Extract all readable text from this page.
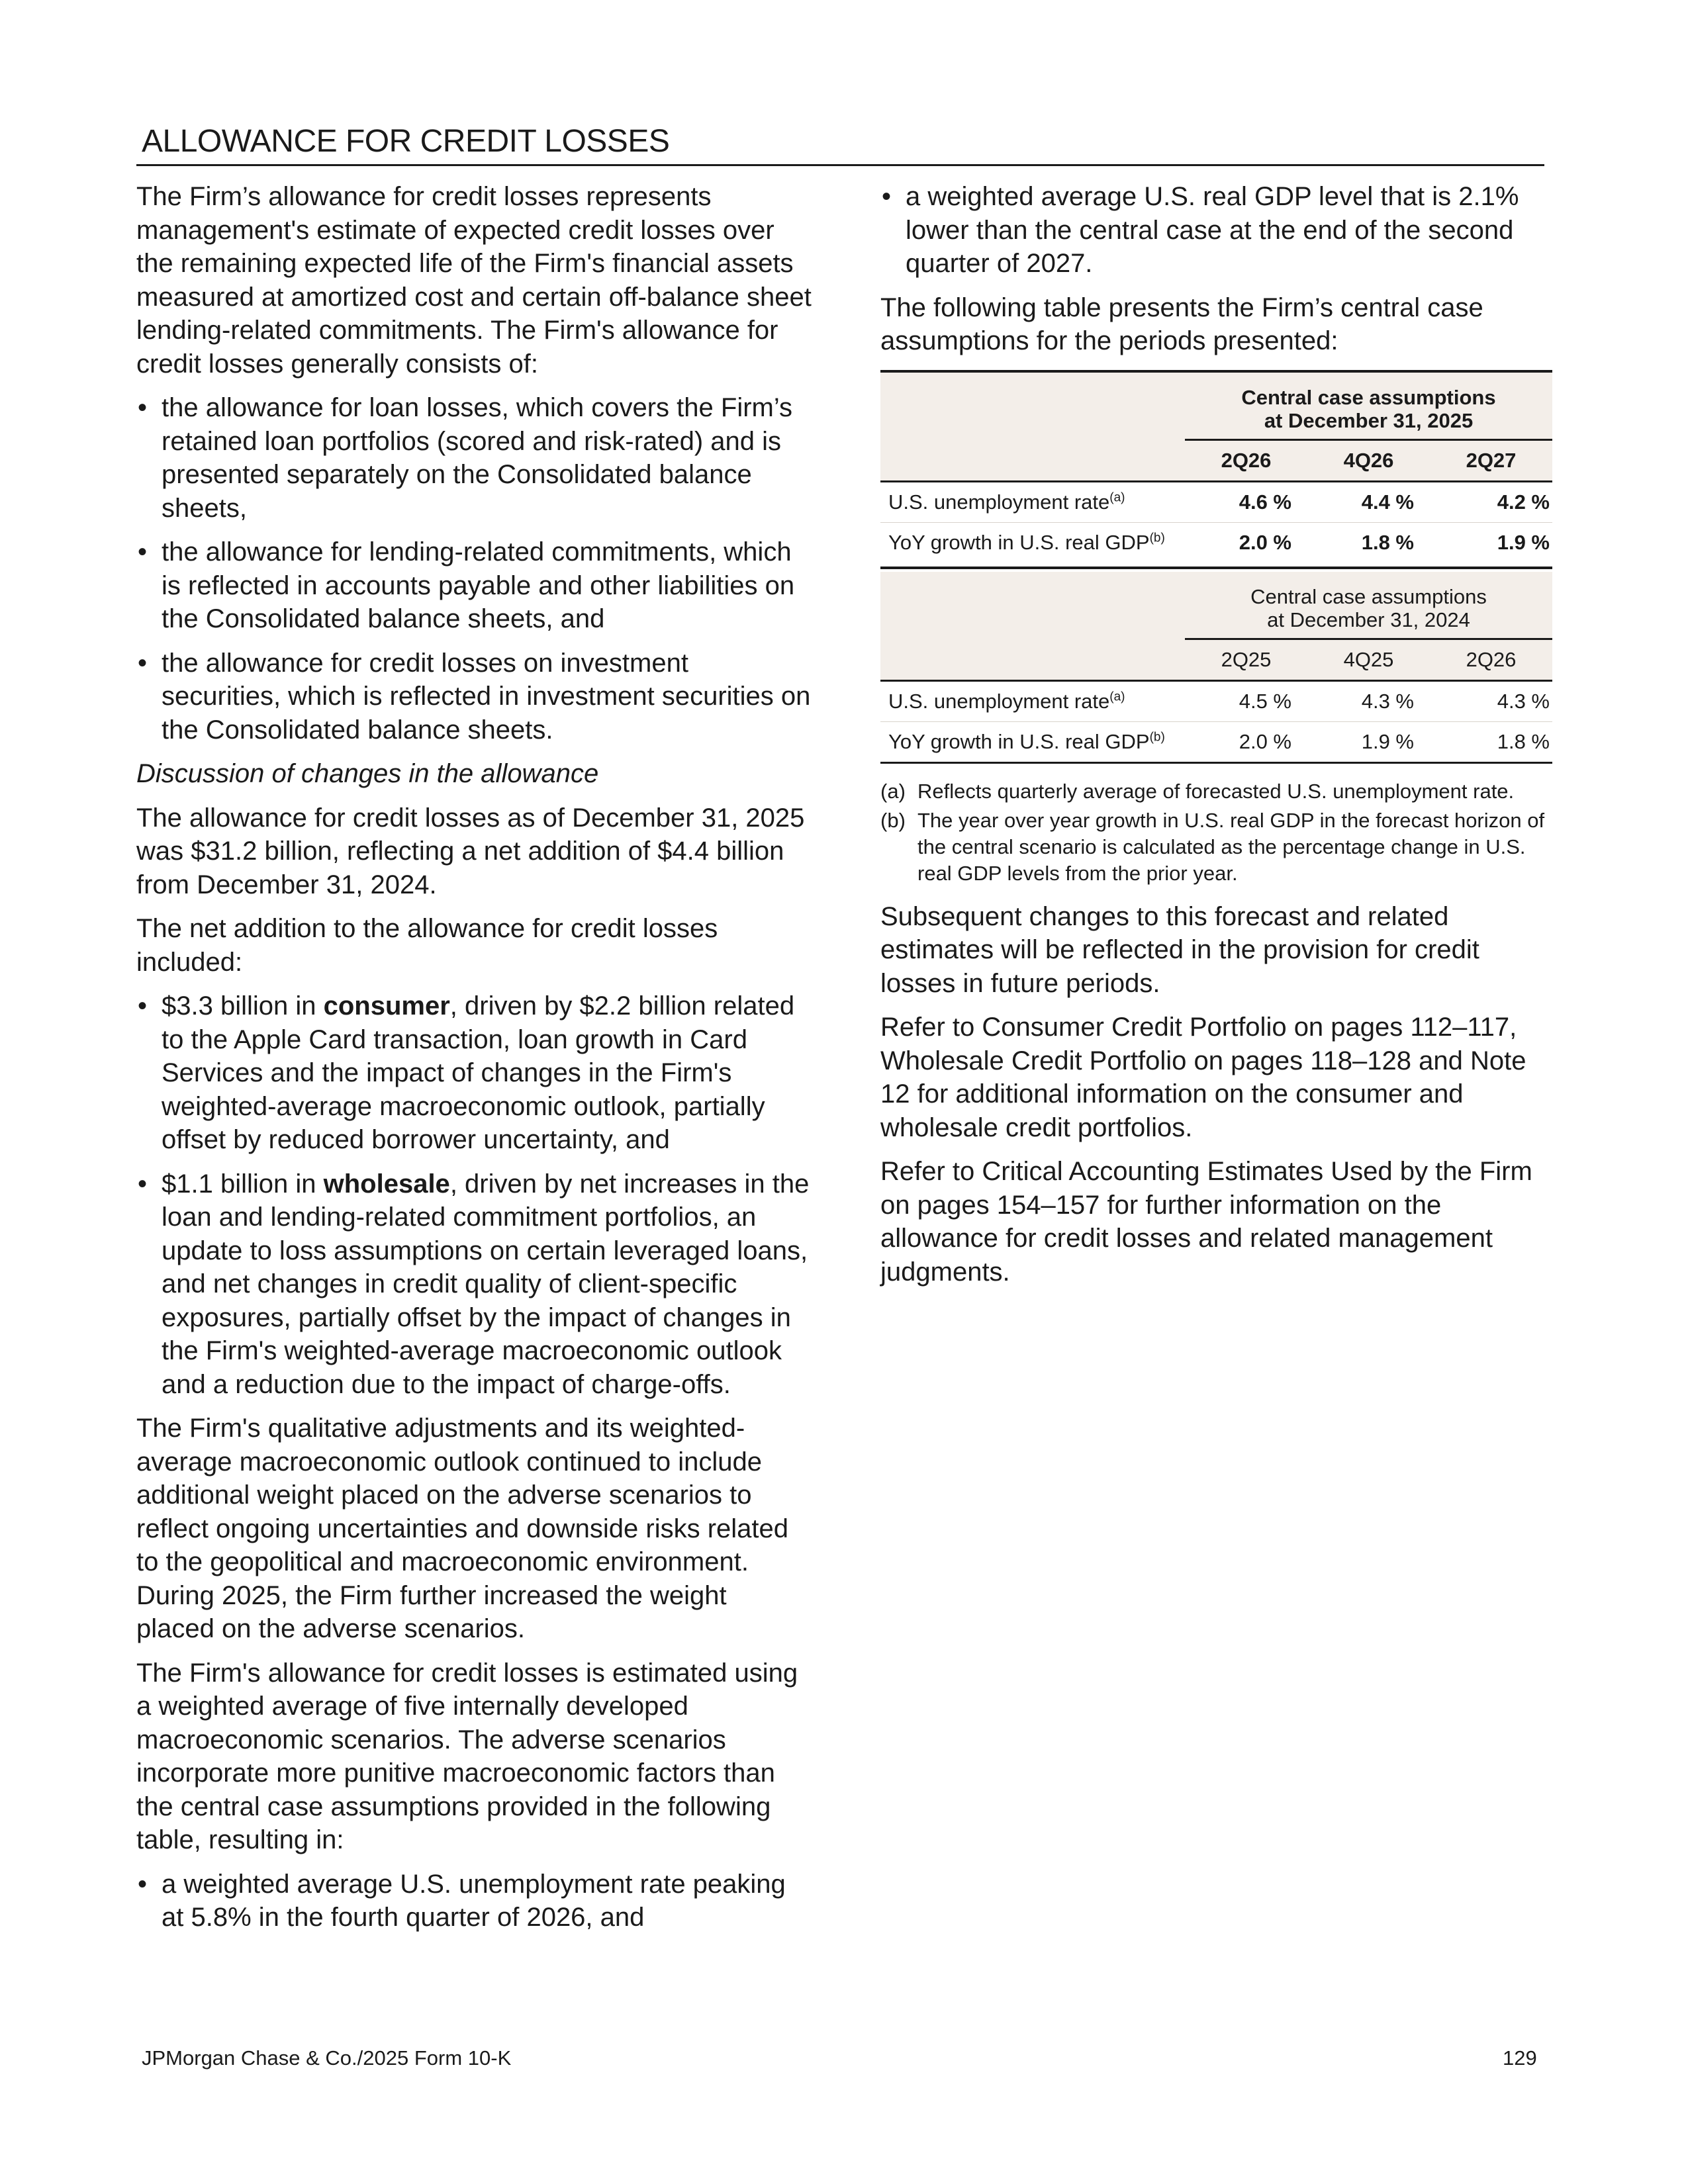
ALLOWANCE FOR CREDIT LOSSES

The Firm’s allowance for credit losses represents management's estimate of expected credit losses over the remaining expected life of the Firm's financial assets measured at amortized cost and certain off-balance sheet lending-related commitments. The Firm's allowance for credit losses generally consists of:

• the allowance for loan losses, which covers the Firm’s retained loan portfolios (scored and risk-rated) and is presented separately on the Consolidated balance sheets,
• the allowance for lending-related commitments, which is reflected in accounts payable and other liabilities on the Consolidated balance sheets, and
• the allowance for credit losses on investment securities, which is reflected in investment securities on the Consolidated balance sheets.

Discussion of changes in the allowance

The allowance for credit losses as of December 31, 2025 was $31.2 billion, reflecting a net addition of $4.4 billion from December 31, 2024.

The net addition to the allowance for credit losses included:

• $3.3 billion in consumer, driven by $2.2 billion related to the Apple Card transaction, loan growth in Card Services and the impact of changes in the Firm's weighted-average macroeconomic outlook, partially offset by reduced borrower uncertainty, and
• $1.1 billion in wholesale, driven by net increases in the loan and lending-related commitment portfolios, an update to loss assumptions on certain leveraged loans, and net changes in credit quality of client-specific exposures, partially offset by the impact of changes in the Firm's weighted-average macroeconomic outlook and a reduction due to the impact of charge-offs.

The Firm's qualitative adjustments and its weighted-average macroeconomic outlook continued to include additional weight placed on the adverse scenarios to reflect ongoing uncertainties and downside risks related to the geopolitical and macroeconomic environment. During 2025, the Firm further increased the weight placed on the adverse scenarios.

The Firm's allowance for credit losses is estimated using a weighted average of five internally developed macroeconomic scenarios. The adverse scenarios incorporate more punitive macroeconomic factors than the central case assumptions provided in the following table, resulting in:

• a weighted average U.S. unemployment rate peaking at 5.8% in the fourth quarter of 2026, and
• a weighted average U.S. real GDP level that is 2.1% lower than the central case at the end of the second quarter of 2027.

The following table presents the Firm’s central case assumptions for the periods presented:

Central case assumptions
at December 31, 2025
2Q26	4Q26	2Q27
U.S. unemployment rate$^{(a)}$	4.6 %	4.4 %	4.2 %
YoY growth in U.S. real GDP$^{(b)}$	2.0 %	1.8 %	1.9 %
Central case assumptions
at December 31, 2024
2Q25	4Q25	2Q26
U.S. unemployment rate$^{(a)}$	4.5 %	4.3 %	4.3 %
YoY growth in U.S. real GDP$^{(b)}$	2.0 %	1.9 %	1.8 %
(a) Reflects quarterly average of forecasted U.S. unemployment rate.
(b) The year over year growth in U.S. real GDP in the forecast horizon of the central scenario is calculated as the percentage change in U.S. real GDP levels from the prior year.

Subsequent changes to this forecast and related estimates will be reflected in the provision for credit losses in future periods.

Refer to Consumer Credit Portfolio on pages 112–117, Wholesale Credit Portfolio on pages 118–128 and Note 12 for additional information on the consumer and wholesale credit portfolios.

Refer to Critical Accounting Estimates Used by the Firm on pages 154–157 for further information on the allowance for credit losses and related management judgments.

JPMorgan Chase & Co./2025 Form 10-K	129
